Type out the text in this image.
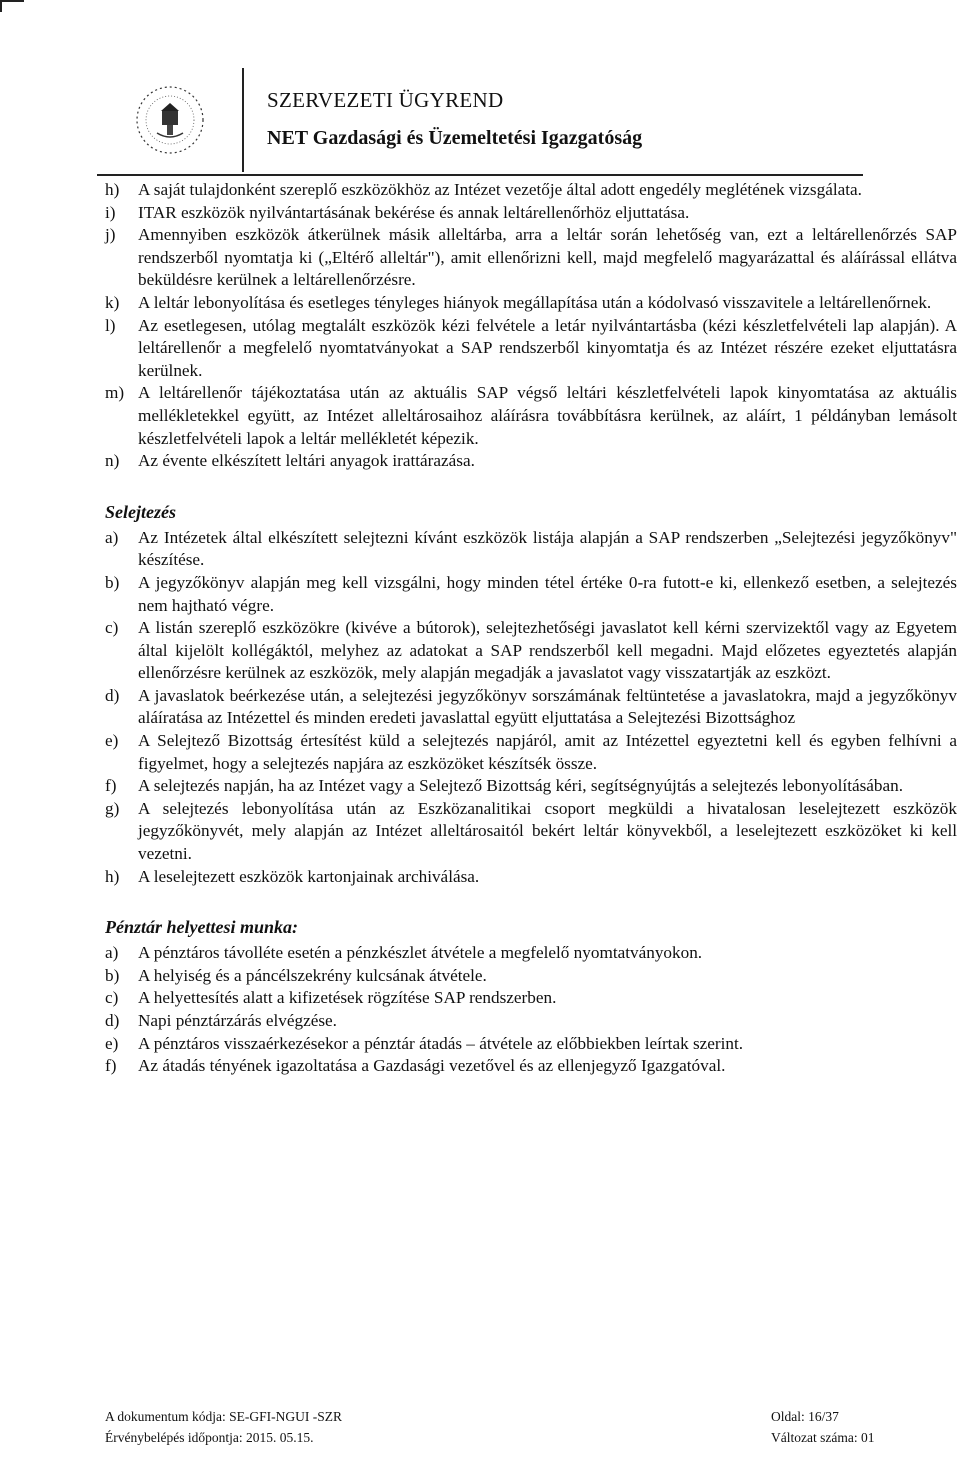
SZERVEZETI ÜGYREND
NET Gazdasági és Üzemeltetési Igazgatóság
h) A saját tulajdonként szereplő eszközökhöz az Intézet vezetője által adott engedély meglétének vizsgálata.
i) ITAR eszközök nyilvántartásának bekérése és annak leltárellenőrhöz eljuttatása.
j) Amennyiben eszközök átkerülnek másik alleltárba, arra a leltár során lehetőség van, ezt a leltárellenőrzés SAP rendszerből nyomtatja ki („Eltérő alleltár"), amit ellenőrizni kell, majd megfelelő magyarázattal és aláírással ellátva beküldésre kerülnek a leltárellenőrzésre.
k) A leltár lebonyolítása és esetleges tényleges hiányok megállapítása után a kódolvasó visszavitele a leltárellenőrnek.
l) Az esetlegesen, utólag megtalált eszközök kézi felvétele a letár nyilvántartásba (kézi készletfelvételi lap alapján). A leltárellenőr a megfelelő nyomtatványokat a SAP rendszerből kinyomtatja és az Intézet részére ezeket eljuttatásra kerülnek.
m) A leltárellenőr tájékoztatása után az aktuális SAP végső leltári készletfelvételi lapok kinyomtatása az aktuális mellékletekkel együtt, az Intézet alleltárosaihoz aláírásra továbbításra kerülnek, az aláírt, 1 példányban lemásolt készletfelvételi lapok a leltár mellékletét képezik.
n) Az évente elkészített leltári anyagok irattárazása.
Selejtezés
a) Az Intézetek által elkészített selejtezni kívánt eszközök listája alapján a SAP rendszerben „Selejtezési jegyzőkönyv" készítése.
b) A jegyzőkönyv alapján meg kell vizsgálni, hogy minden tétel értéke 0-ra futott-e ki, ellenkező esetben, a selejtezés nem hajtható végre.
c) A listán szereplő eszközökre (kivéve a bútorok), selejtezhetőségi javaslatot kell kérni szervizektől vagy az Egyetem által kijelölt kollégáktól, melyhez az adatokat a SAP rendszerből kell megadni. Majd előzetes egyeztetés alapján ellenőrzésre kerülnek az eszközök, mely alapján megadják a javaslatot vagy visszatartják az eszközt.
d) A javaslatok beérkezése után, a selejtezési jegyzőkönyv sorszámának feltüntetése a javaslatokra, majd a jegyzőkönyv aláíratása az Intézettel és minden eredeti javaslattal együtt eljuttatása a Selejtezési Bizottsághoz
e) A Selejtező Bizottság értesítést küld a selejtezés napjáról, amit az Intézettel egyeztetni kell és egyben felhívni a figyelmet, hogy a selejtezés napjára az eszközöket készítsék össze.
f) A selejtezés napján, ha az Intézet vagy a Selejtező Bizottság kéri, segítségnyújtás a selejtezés lebonyolításában.
g) A selejtezés lebonyolítása után az Eszközanalitikai csoport megküldi a hivatalosan leselejtezett eszközök jegyzőkönyvét, mely alapján az Intézet alleltárosaitól bekért leltár könyvekből, a leselejtezett eszközöket ki kell vezetni.
h) A leselejtezett eszközök kartonjainak archiválása.
Pénztár helyettesi munka:
a) A pénztáros távolléte esetén a pénzkészlet átvétele a megfelelő nyomtatványokon.
b) A helyiség és a páncélszekrény kulcsának átvétele.
c) A helyettesítés alatt a kifizetések rögzítése SAP rendszerben.
d) Napi pénztárzárás elvégzése.
e) A pénztáros visszaérkezésekor a pénztár átadás – átvétele az előbbiekben leírtak szerint.
f) Az átadás tényének igazoltatása a Gazdasági vezetővel és az ellenjegyző Igazgatóval.
A dokumentum kódja: SE-GFI-NGUI -SZR	Oldal: 16/37
Érvénybelépés időpontja: 2015. 05.15.	Változat száma: 01
